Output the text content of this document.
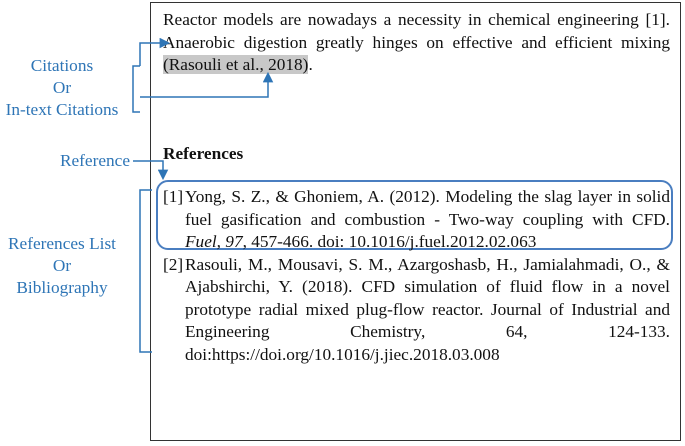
Reactor models are nowadays a necessity in chemical engineering [1]. Anaerobic digestion greatly hinges on effective and efficient mixing (Rasouli et al., 2018).
References
[1] Yong, S. Z., & Ghoniem, A. (2012). Modeling the slag layer in solid fuel gasification and combustion - Two-way coupling with CFD. Fuel, 97, 457-466. doi: 10.1016/j.fuel.2012.02.063
[2] Rasouli, M., Mousavi, S. M., Azargoshasb, H., Jamialahmadi, O., & Ajabshirchi, Y. (2018). CFD simulation of fluid flow in a novel prototype radial mixed plug-flow reactor. Journal of Industrial and Engineering Chemistry, 64, 124-133. doi:https://doi.org/10.1016/j.jiec.2018.03.008
Citations
Or
In-text Citations
Reference
References List
Or
Bibliography
